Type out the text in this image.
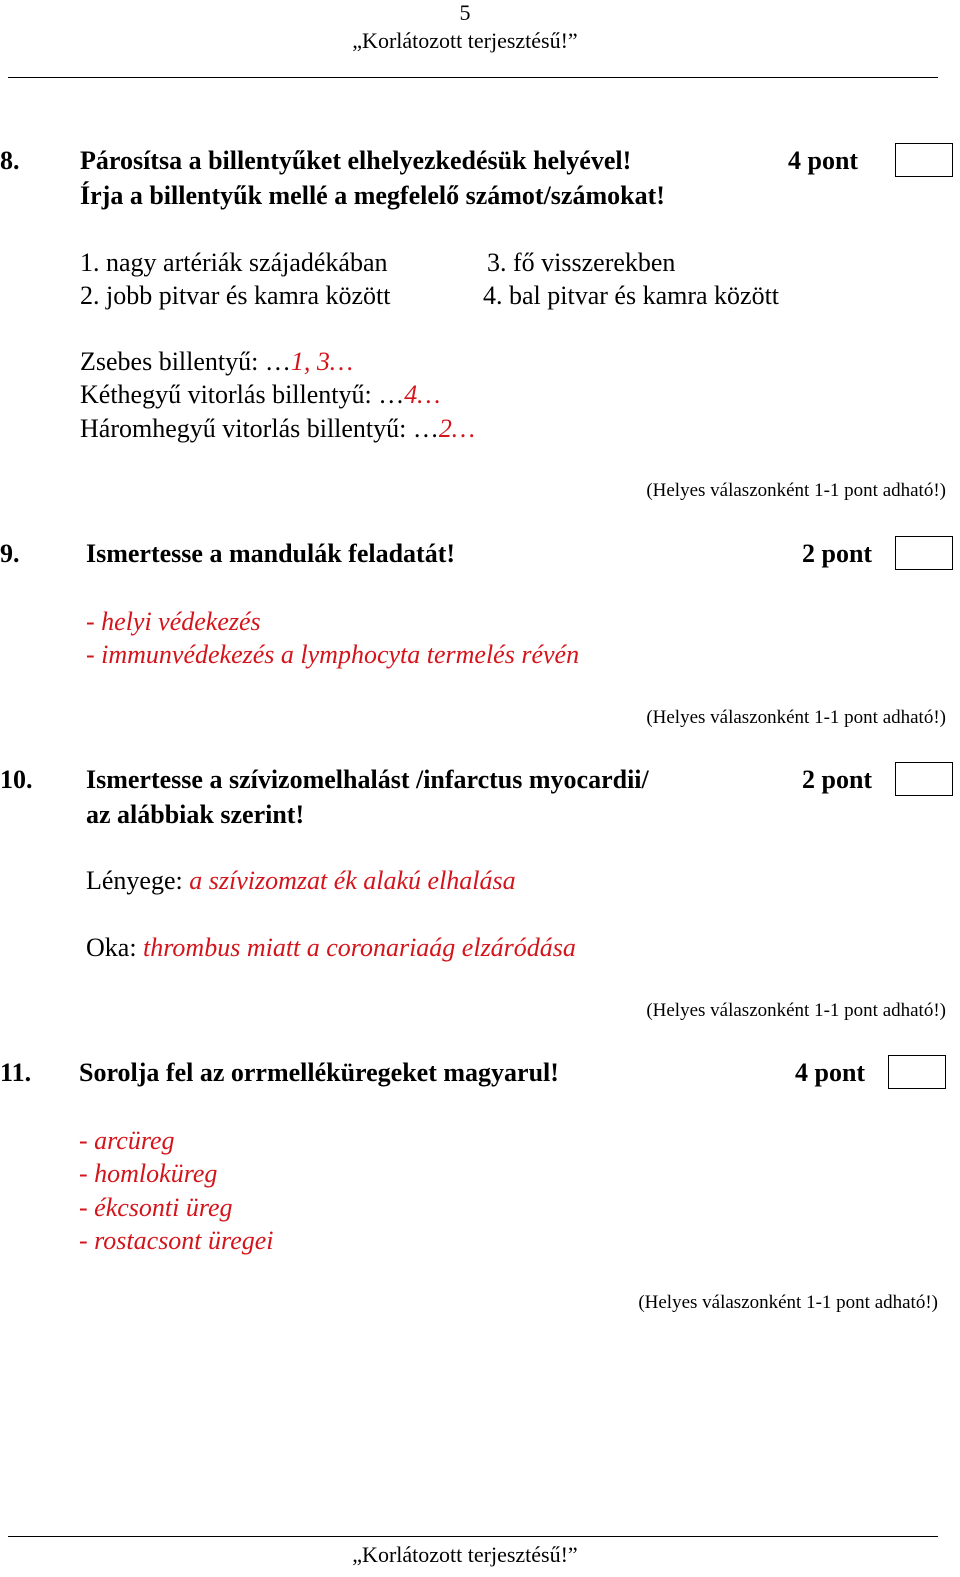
5
„Korlátozott terjesztésű!”
8. Párosítsa a billentyűket elhelyezkedésük helyével!
Írja a billentyűk mellé a megfelelő számot/számokat!
4 pont
1. nagy artériák szájadékában	3. fő visszerekben
2. jobb pitvar és kamra között	4. bal pitvar és kamra között
Zsebes billentyű: …1, 3…
Kéthegyű vitorlás billentyű: …4…
Háromhegyű vitorlás billentyű: …2…
(Helyes válaszonként 1-1 pont adható!)
9.	Ismertesse a mandulák feladatát!	2 pont
- helyi védekezés
- immunvédekezés a lymphocyta termelés révén
(Helyes válaszonként 1-1 pont adható!)
10. Ismertesse a szívizomelhalást /infarctus myocardii/
az alábbiak szerint!
2 pont
Lényege: a szívizomzat ék alakú elhalása
Oka: thrombus miatt a coronariaág elzáródása
(Helyes válaszonként 1-1 pont adható!)
11. Sorolja fel az orrmelléküregeket magyarul!	4 pont
- arcüreg
- homloküreg
- ékcsonti üreg
- rostacsont üregei
(Helyes válaszonként 1-1 pont adható!)
„Korlátozott terjesztésű!”
